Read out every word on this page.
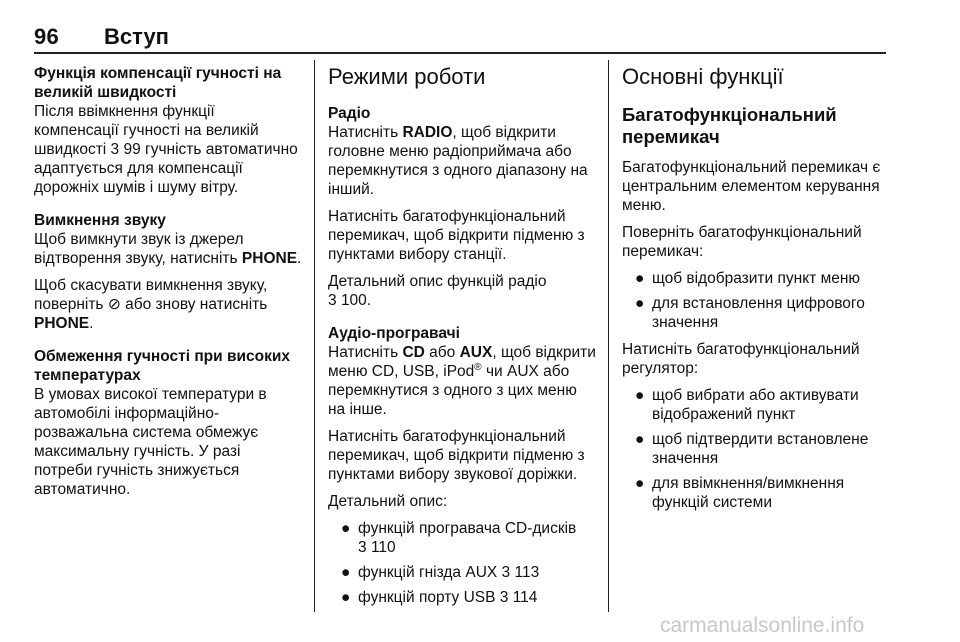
96 Вступ
Функція компенсації гучності на великій швидкості

Після ввімкнення функції компенсації гучності на великій швидкості 3 99 гучність автоматично адаптується для компенсації дорожніх шумів і шуму вітру.

Вимкнення звуку

Щоб вимкнути звук із джерел відтворення звуку, натисніть PHONE.

Щоб скасувати вимкнення звуку, поверніть ⊘ або знову натисніть PHONE.

Обмеження гучності при високих температурах

В умовах високої температури в автомобілі інформаційно-розважальна система обмежує максимальну гучність. У разі потреби гучність знижується автоматично.

Режими роботи
Радіо

Натисніть RADIO, щоб відкрити головне меню радіоприймача або перемкнутися з одного діапазону на інший.

Натисніть багатофункціональний перемикач, щоб відкрити підменю з пунктами вибору станції.

Детальний опис функцій радіо
3 100.

Аудіо-програвачі

Натисніть CD або AUX, щоб відкрити меню CD, USB, iPod® чи AUX або перемкнутися з одного з цих меню на інше.

Натисніть багатофункціональний перемикач, щоб відкрити підменю з пунктами вибору звукової доріжки.

Детальний опис:

● функцій програвача CD-дисків
3 110
● функцій гнізда AUX 3 113
● функцій порту USB 3 114
Основні функції
Багатофункціональний перемикач

Багатофункціональний перемикач є центральним елементом керування меню.

Поверніть багатофункціональний перемикач:

● щоб відобразити пункт меню
● для встановлення цифрового значення

Натисніть багатофункціональний регулятор:

● щоб вибрати або активувати відображений пункт
● щоб підтвердити встановлене значення
● для ввімкнення/вимкнення функцій системи
carmanualsonline.info
